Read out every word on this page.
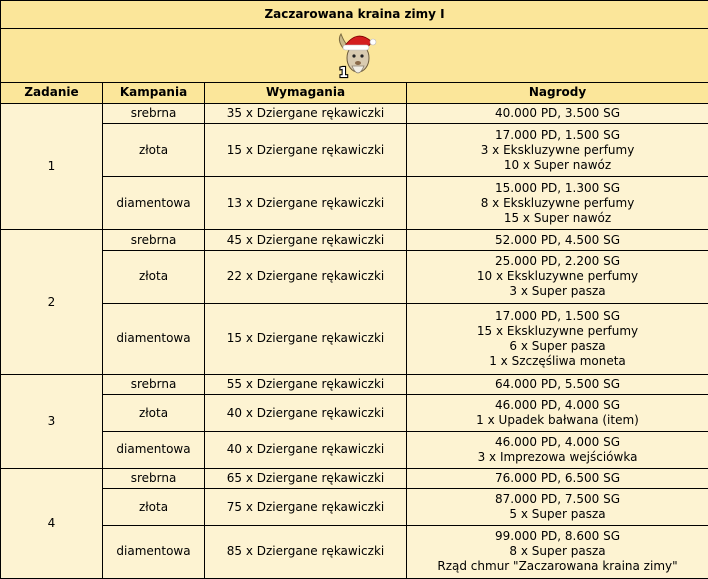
Zaczarowana kraina zimy I			

1			

Zadanie	Kampania	Wymagania	Nagrody
1	srebrna	35 x Dziergane rękawiczki	40.000 PD, 3.500 SG

	złota	15 x Dziergane rękawiczki	17.000 PD, 1.500 SG
3 x Ekskluzywne perfumy
10 x Super nawóz

	diamentowa	13 x Dziergane rękawiczki	15.000 PD, 1.300 SG
8 x Ekskluzywne perfumy
15 x Super nawóz

2	srebrna	45 x Dziergane rękawiczki	52.000 PD, 4.500 SG

	złota	22 x Dziergane rękawiczki	25.000 PD, 2.200 SG
10 x Ekskluzywne perfumy
3 x Super pasza

	diamentowa	15 x Dziergane rękawiczki	17.000 PD, 1.500 SG
15 x Ekskluzywne perfumy
6 x Super pasza
1 x Szczęśliwa moneta

3	srebrna	55 x Dziergane rękawiczki	64.000 PD, 5.500 SG

	złota	40 x Dziergane rękawiczki	46.000 PD, 4.000 SG
1 x Upadek bałwana (item)

	diamentowa	40 x Dziergane rękawiczki	46.000 PD, 4.000 SG
3 x Imprezowa wejściówka

4	srebrna	65 x Dziergane rękawiczki	76.000 PD, 6.500 SG

	złota	75 x Dziergane rękawiczki	87.000 PD, 7.500 SG
5 x Super pasza

	diamentowa	85 x Dziergane rękawiczki	99.000 PD, 8.600 SG
8 x Super pasza
Rząd chmur "Zaczarowana kraina zimy"
